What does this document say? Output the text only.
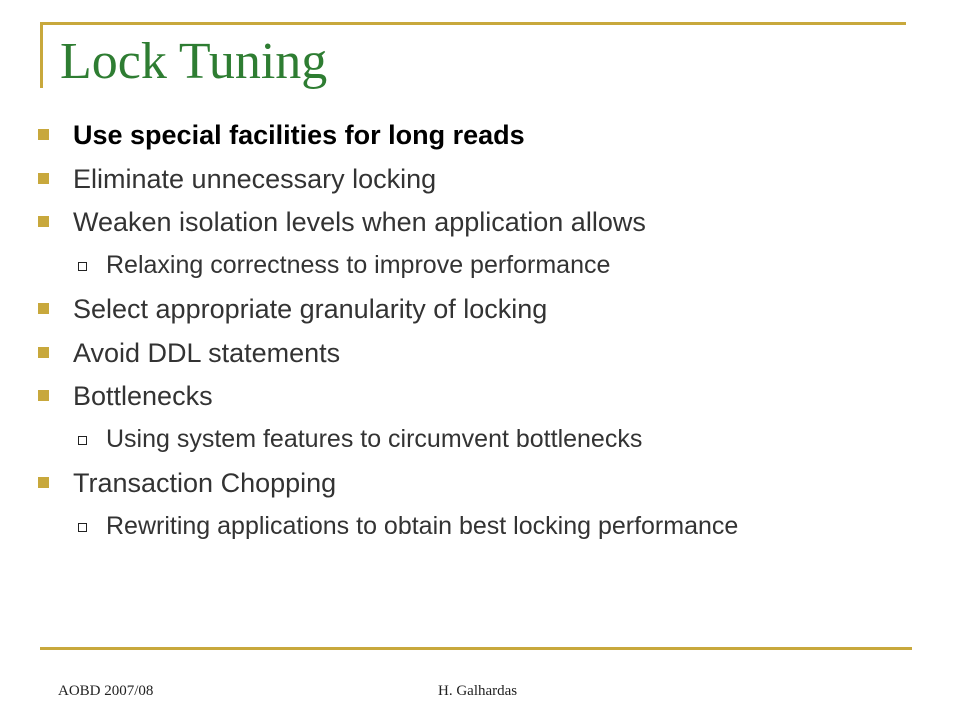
Lock Tuning
Use special facilities for long reads
Eliminate unnecessary locking
Weaken isolation levels when application allows
Relaxing correctness to improve performance
Select appropriate granularity of locking
Avoid DDL statements
Bottlenecks
Using system features to circumvent bottlenecks
Transaction Chopping
Rewriting applications to obtain best locking performance
AOBD 2007/08	H. Galhardas
